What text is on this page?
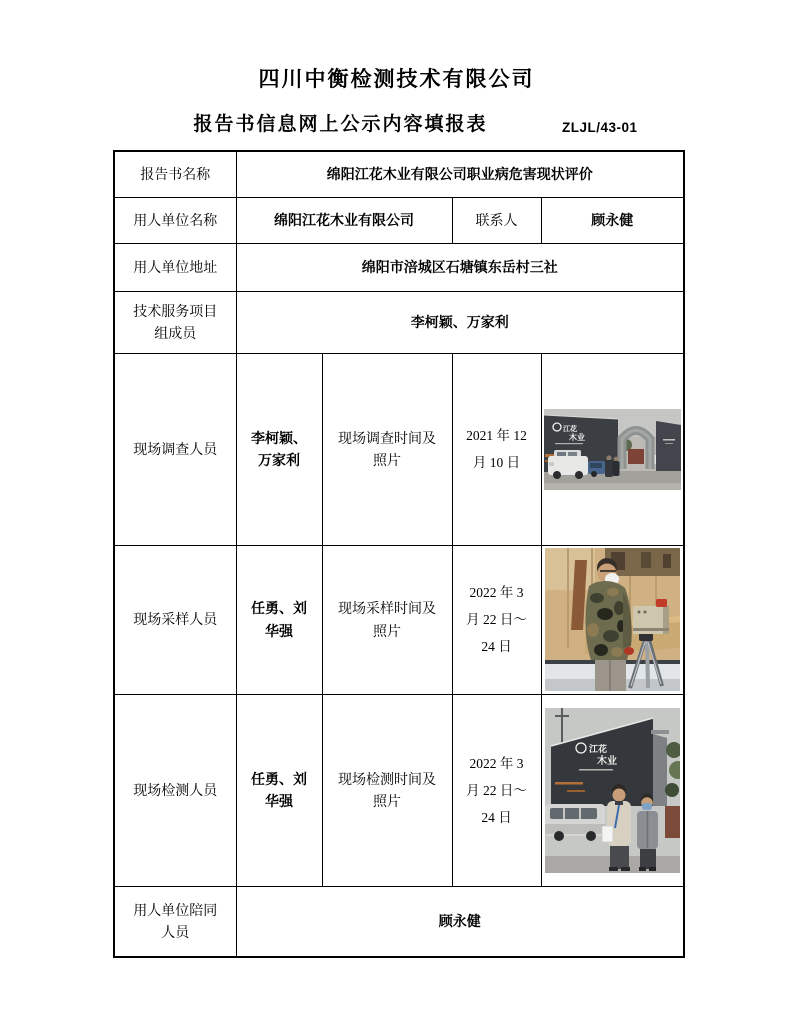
四川中衡检测技术有限公司
报告书信息网上公示内容填报表	ZLJL/43-01
报告书名称	绵阳江花木业有限公司职业病危害现状评价			
用人单位名称	绵阳江花木业有限公司		联系人	顾永健
用人单位地址	绵阳市涪城区石塘镇东岳村三社			
技术服务项目组成员	李柯颖、万家利			
现场调查人员	李柯颖、万家利	现场调查时间及照片	2021 年 12 月 10 日	江花
木业

现场采样人员	任勇、刘华强	现场采样时间及照片	2022 年 3 月 22 日～24 日	

现场检测人员	任勇、刘华强	现场检测时间及照片	2022 年 3 月 22 日～24 日	江花
木业

用人单位陪同人员	顾永健			
